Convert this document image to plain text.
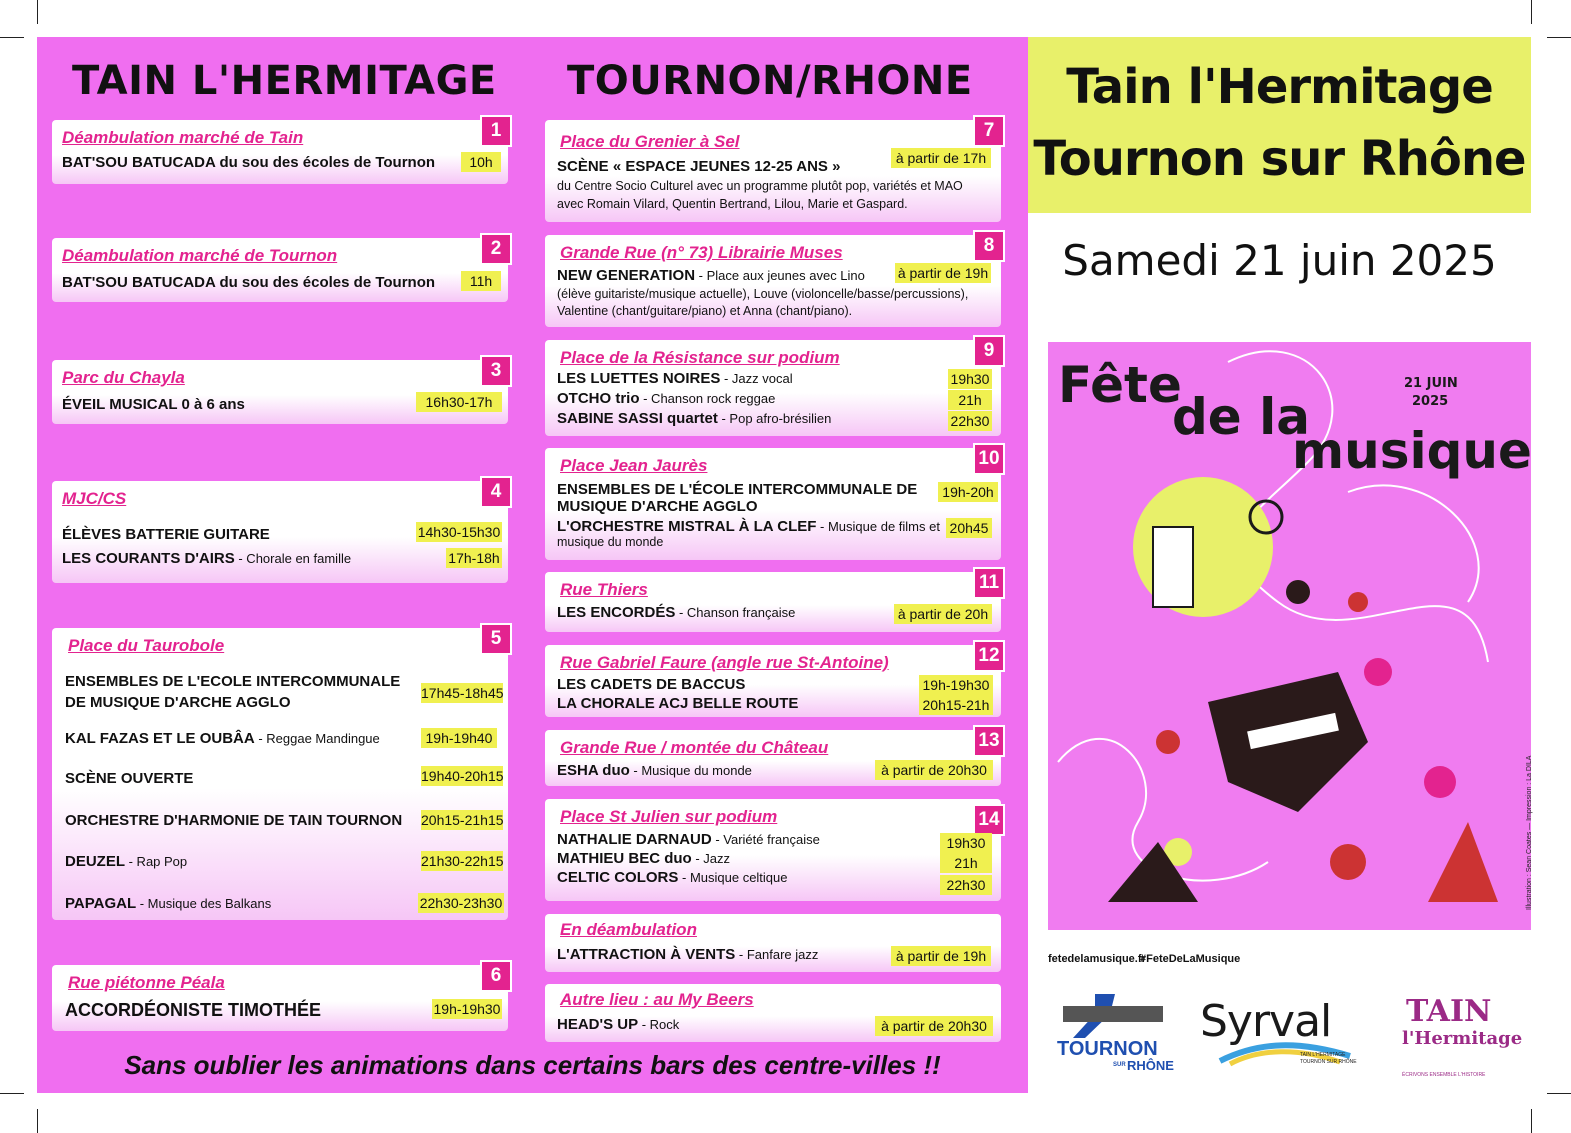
TAIN L'HERMITAGE TOURNON/RHONE
Déambulation marché de Tain	1
BAT'SOU BATUCADA du sou des écoles de Tournon	10h
Déambulation marché de Tournon	2
BAT'SOU BATUCADA du sou des écoles de Tournon	11h
Parc du Chayla	3
ÉVEIL MUSICAL 0 à 6 ans	16h30-17h
MJC/CS	4
ÉLÈVES BATTERIE GUITARE	14h30-15h30
LES COURANTS D'AIRS - Chorale en famille	17h-18h
Place du Taurobole	5
ENSEMBLES DE L'ECOLE INTERCOMMUNALE
DE MUSIQUE D'ARCHE AGGLO
17h45-18h45
KAL FAZAS ET LE OUBÂA - Reggae Mandingue	19h-19h40
SCÈNE OUVERTE	19h40-20h15
ORCHESTRE D'HARMONIE DE TAIN TOURNON 20h15-21h15
DEUZEL - Rap Pop	21h30-22h15
PAPAGAL - Musique des Balkans	22h30-23h30
Rue piétonne Péala	6
ACCORDÉONISTE TIMOTHÉE	19h-19h30
Place du Grenier à Sel
7
SCÈNE « ESPACE JEUNES 12-25 ANS »	à partir de 17h
du Centre Socio Culturel avec un programme plutôt pop, variétés et MAO
avec Romain Vilard, Quentin Bertrand, Lilou, Marie et Gaspard.
Grande Rue (n° 73) Librairie Muses	8
NEW GENERATION - Place aux jeunes avec Lino à partir de 19h
(élève guitariste/musique actuelle), Louve (violoncelle/basse/percussions),
Valentine (chant/guitare/piano) et Anna (chant/piano).
Place de la Résistance sur podium	9
LES LUETTES NOIRES - Jazz vocal	19h30
OTCHO trio - Chanson rock reggae	21h
SABINE SASSI quartet - Pop afro-brésilien	22h30
Place Jean Jaurès	10
ENSEMBLES DE L'ÉCOLE INTERCOMMUNALE DE
MUSIQUE D'ARCHE AGGLO
19h-20h
L'ORCHESTRE MISTRAL À LA CLEF - Musique de films et
musique du monde
20h45
Rue Thiers	11
LES ENCORDÉS - Chanson française	à partir de 20h
Rue Gabriel Faure (angle rue St-Antoine)	12
LES CADETS DE BACCUS	19h-19h30
LA CHORALE ACJ BELLE ROUTE	20h15-21h
Grande Rue / montée du Château	13
ESHA duo - Musique du monde	à partir de 20h30
Place St Julien sur podium	14
NATHALIE DARNAUD - Variété française	19h30
MATHIEU BEC duo - Jazz	21h
CELTIC COLORS - Musique celtique	22h30
En déambulation
L'ATTRACTION À VENTS - Fanfare jazz	à partir de 19h
Autre lieu : au My Beers
HEAD'S UP - Rock	à partir de 20h30
Sans oublier les animations dans certains bars des centre-villes !!
Tain l'Hermitage
Tournon sur Rhône
Samedi 21 juin 2025
Fête
de la
musique
21 JUIN
2025
Illustration : Sean Coates — Impression : La DILA
fetedelamusique.fr
#FeteDeLaMusique
TOURNON
SUR RHÔNE
Syrval
TAIN L'HERMITAGE
TOURNON SUR RHÔNE
TAIN
l'Hermitage
ÉCRIVONS ENSEMBLE L'HISTOIRE
